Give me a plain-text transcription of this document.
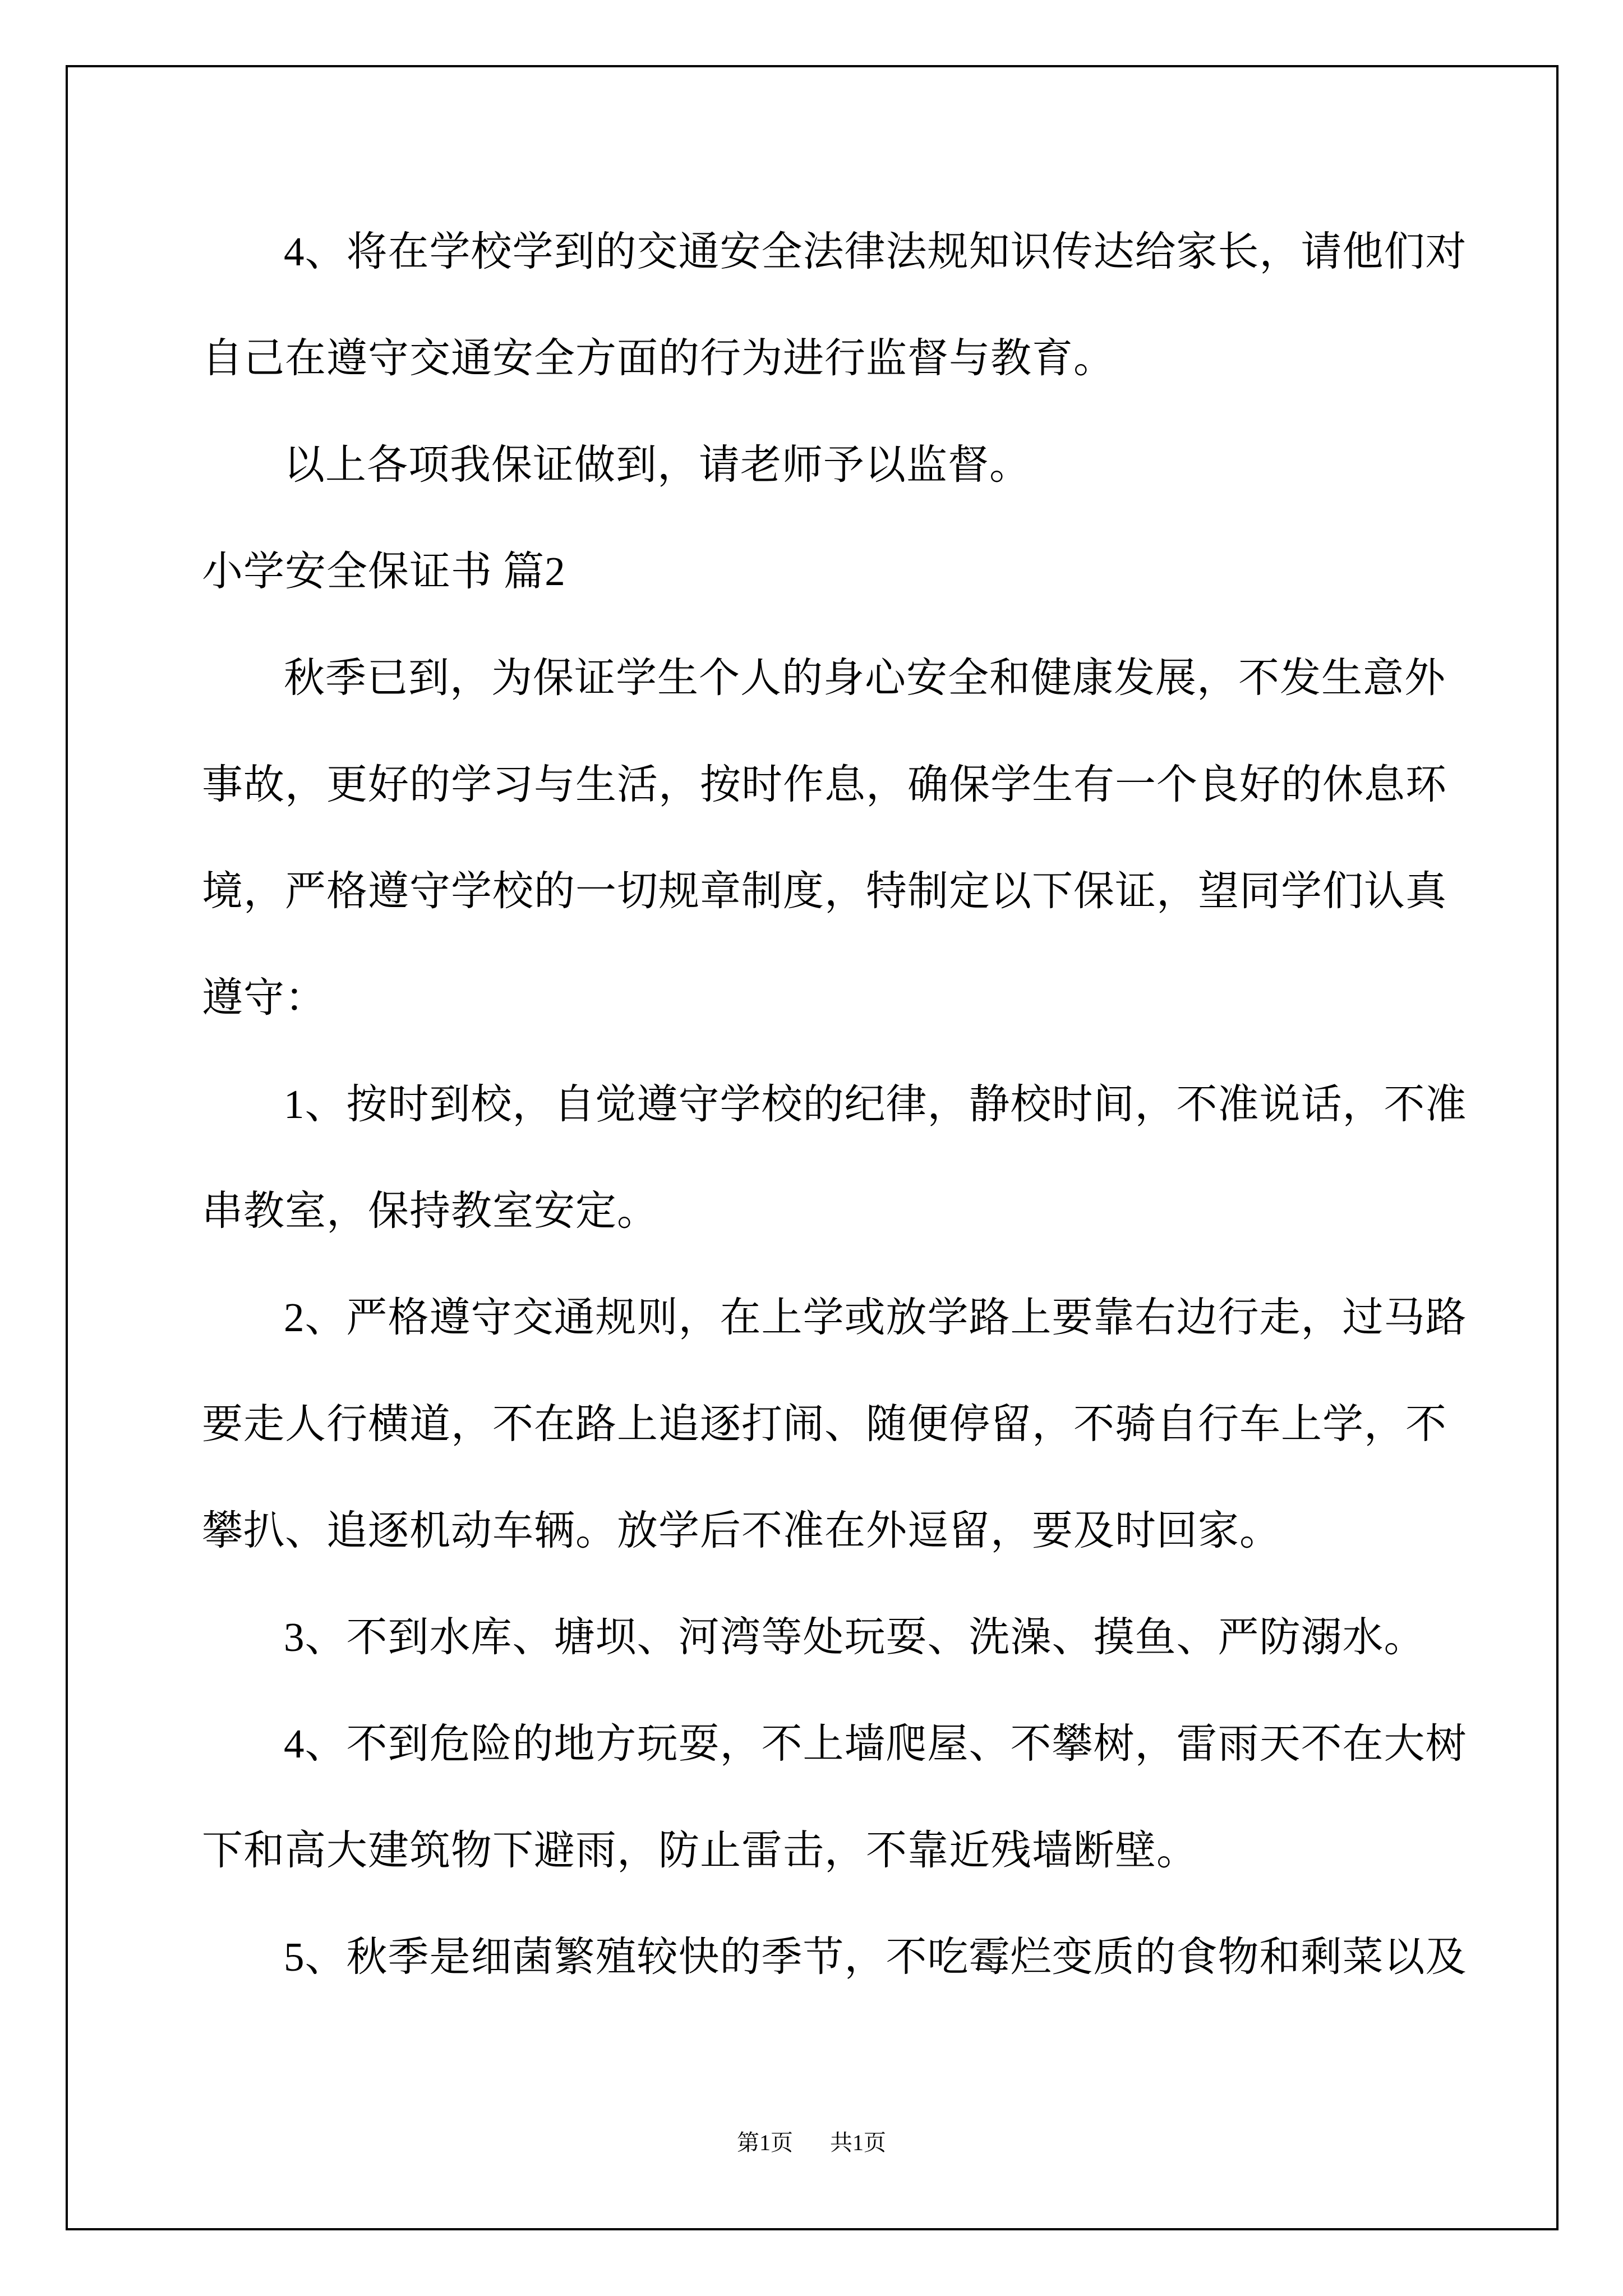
4、将在学校学到的交通安全法律法规知识传达给家长，请他们对
自己在遵守交通安全方面的行为进行监督与教育。
以上各项我保证做到，请老师予以监督。
小学安全保证书 篇2
秋季已到，为保证学生个人的身心安全和健康发展，不发生意外
事故，更好的学习与生活，按时作息，确保学生有一个良好的休息环
境，严格遵守学校的一切规章制度，特制定以下保证，望同学们认真
遵守：
1、按时到校，自觉遵守学校的纪律，静校时间，不准说话，不准
串教室，保持教室安定。
2、严格遵守交通规则，在上学或放学路上要靠右边行走，过马路
要走人行横道，不在路上追逐打闹、随便停留，不骑自行车上学，不
攀扒、追逐机动车辆。放学后不准在外逗留，要及时回家。
3、不到水库、塘坝、河湾等处玩耍、洗澡、摸鱼、严防溺水。
4、不到危险的地方玩耍，不上墙爬屋、不攀树，雷雨天不在大树
下和高大建筑物下避雨，防止雷击，不靠近残墙断壁。
5、秋季是细菌繁殖较快的季节，不吃霉烂变质的食物和剩菜以及
第1页 共1页
